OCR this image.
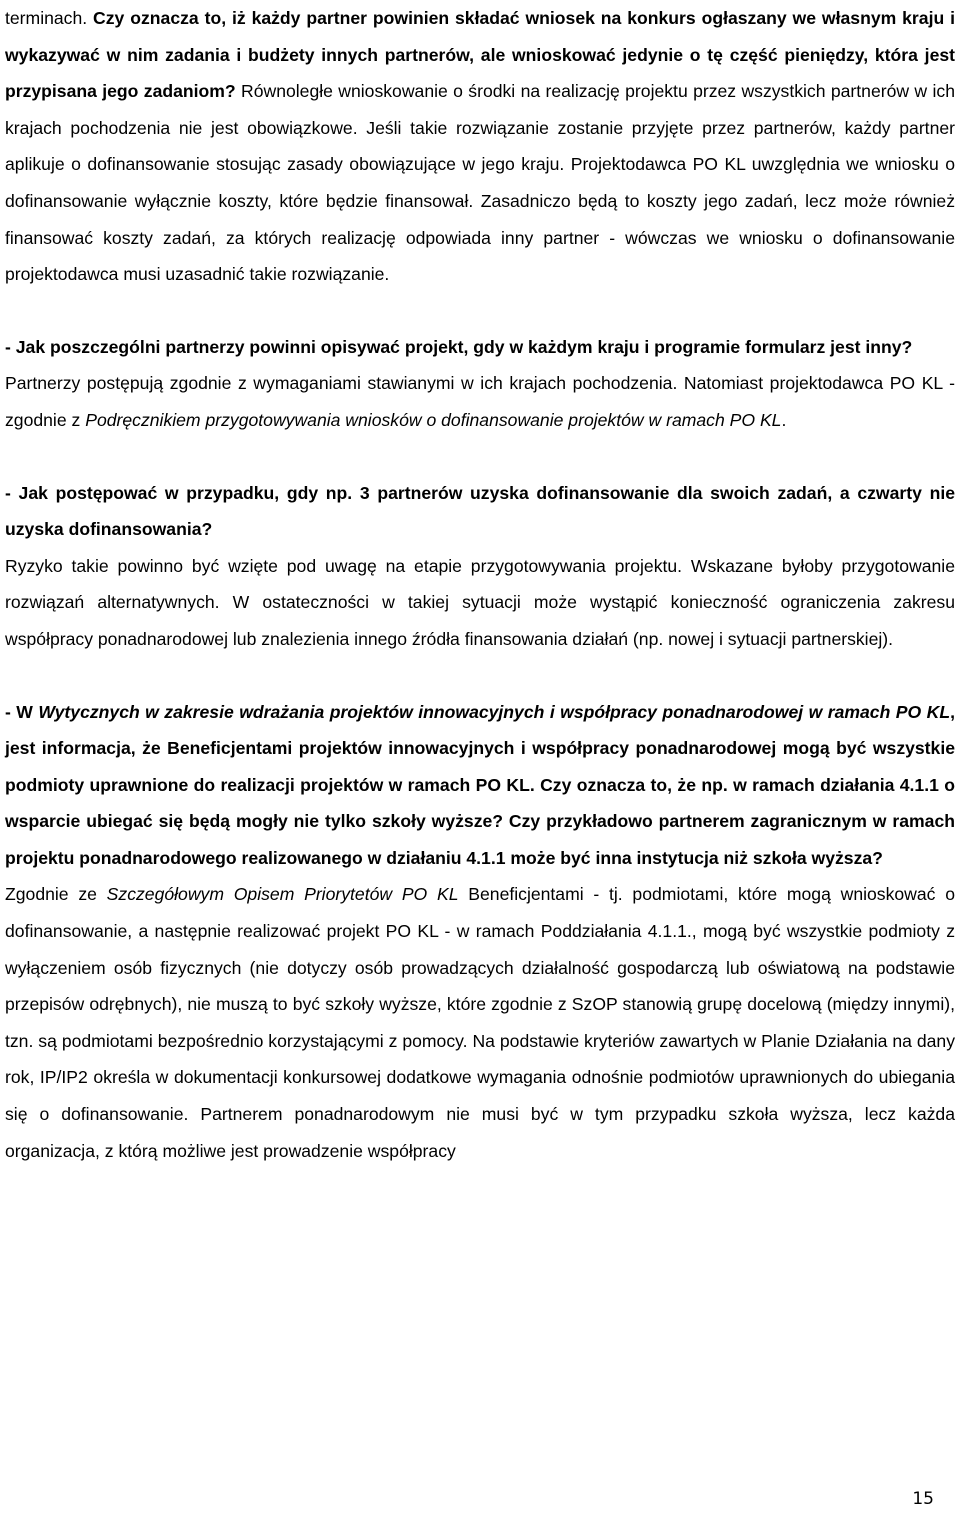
terminach. Czy oznacza to, iż każdy partner powinien składać wniosek na konkurs ogłaszany we własnym kraju i wykazywać w nim zadania i budżety innych partnerów, ale wnioskować jedynie o tę część pieniędzy, która jest przypisana jego zadaniom? Równoległe wnioskowanie o środki na realizację projektu przez wszystkich partnerów w ich krajach pochodzenia nie jest obowiązkowe. Jeśli takie rozwiązanie zostanie przyjęte przez partnerów, każdy partner aplikuje o dofinansowanie stosując zasady obowiązujące w jego kraju. Projektodawca PO KL uwzględnia we wniosku o dofinansowanie wyłącznie koszty, które będzie finansował. Zasadniczo będą to koszty jego zadań, lecz może również finansować koszty zadań, za których realizację odpowiada inny partner - wówczas we wniosku o dofinansowanie projektodawca musi uzasadnić takie rozwiązanie.

- Jak poszczególni partnerzy powinni opisywać projekt, gdy w każdym kraju i programie formularz jest inny?

Partnerzy postępują zgodnie z wymaganiami stawianymi w ich krajach pochodzenia. Natomiast projektodawca PO KL - zgodnie z Podręcznikiem przygotowywania wniosków o dofinansowanie projektów w ramach PO KL.

- Jak postępować w przypadku, gdy np. 3 partnerów uzyska dofinansowanie dla swoich zadań, a czwarty nie uzyska dofinansowania?

Ryzyko takie powinno być wzięte pod uwagę na etapie przygotowywania projektu. Wskazane byłoby przygotowanie rozwiązań alternatywnych. W ostateczności w takiej sytuacji może wystąpić konieczność ograniczenia zakresu współpracy ponadnarodowej lub znalezienia innego źródła finansowania działań (np. nowej i sytuacji partnerskiej).

- W Wytycznych w zakresie wdrażania projektów innowacyjnych i współpracy ponadnarodowej w ramach PO KL, jest informacja, że Beneficjentami projektów innowacyjnych i współpracy ponadnarodowej mogą być wszystkie podmioty uprawnione do realizacji projektów w ramach PO KL. Czy oznacza to, że np. w ramach działania 4.1.1 o wsparcie ubiegać się będą mogły nie tylko szkoły wyższe? Czy przykładowo partnerem zagranicznym w ramach projektu ponadnarodowego realizowanego w działaniu 4.1.1 może być inna instytucja niż szkoła wyższa?

Zgodnie ze Szczegółowym Opisem Priorytetów PO KL Beneficjentami - tj. podmiotami, które mogą wnioskować o dofinansowanie, a następnie realizować projekt PO KL - w ramach Poddziałania 4.1.1., mogą być wszystkie podmioty z wyłączeniem osób fizycznych (nie dotyczy osób prowadzących działalność gospodarczą lub oświatową na podstawie przepisów odrębnych), nie muszą to być szkoły wyższe, które zgodnie z SzOP stanowią grupę docelową (między innymi), tzn. są podmiotami bezpośrednio korzystającymi z pomocy. Na podstawie kryteriów zawartych w Planie Działania na dany rok, IP/IP2 określa w dokumentacji konkursowej dodatkowe wymagania odnośnie podmiotów uprawnionych do ubiegania się o dofinansowanie. Partnerem ponadnarodowym nie musi być w tym przypadku szkoła wyższa, lecz każda organizacja, z którą możliwe jest prowadzenie współpracy

15
